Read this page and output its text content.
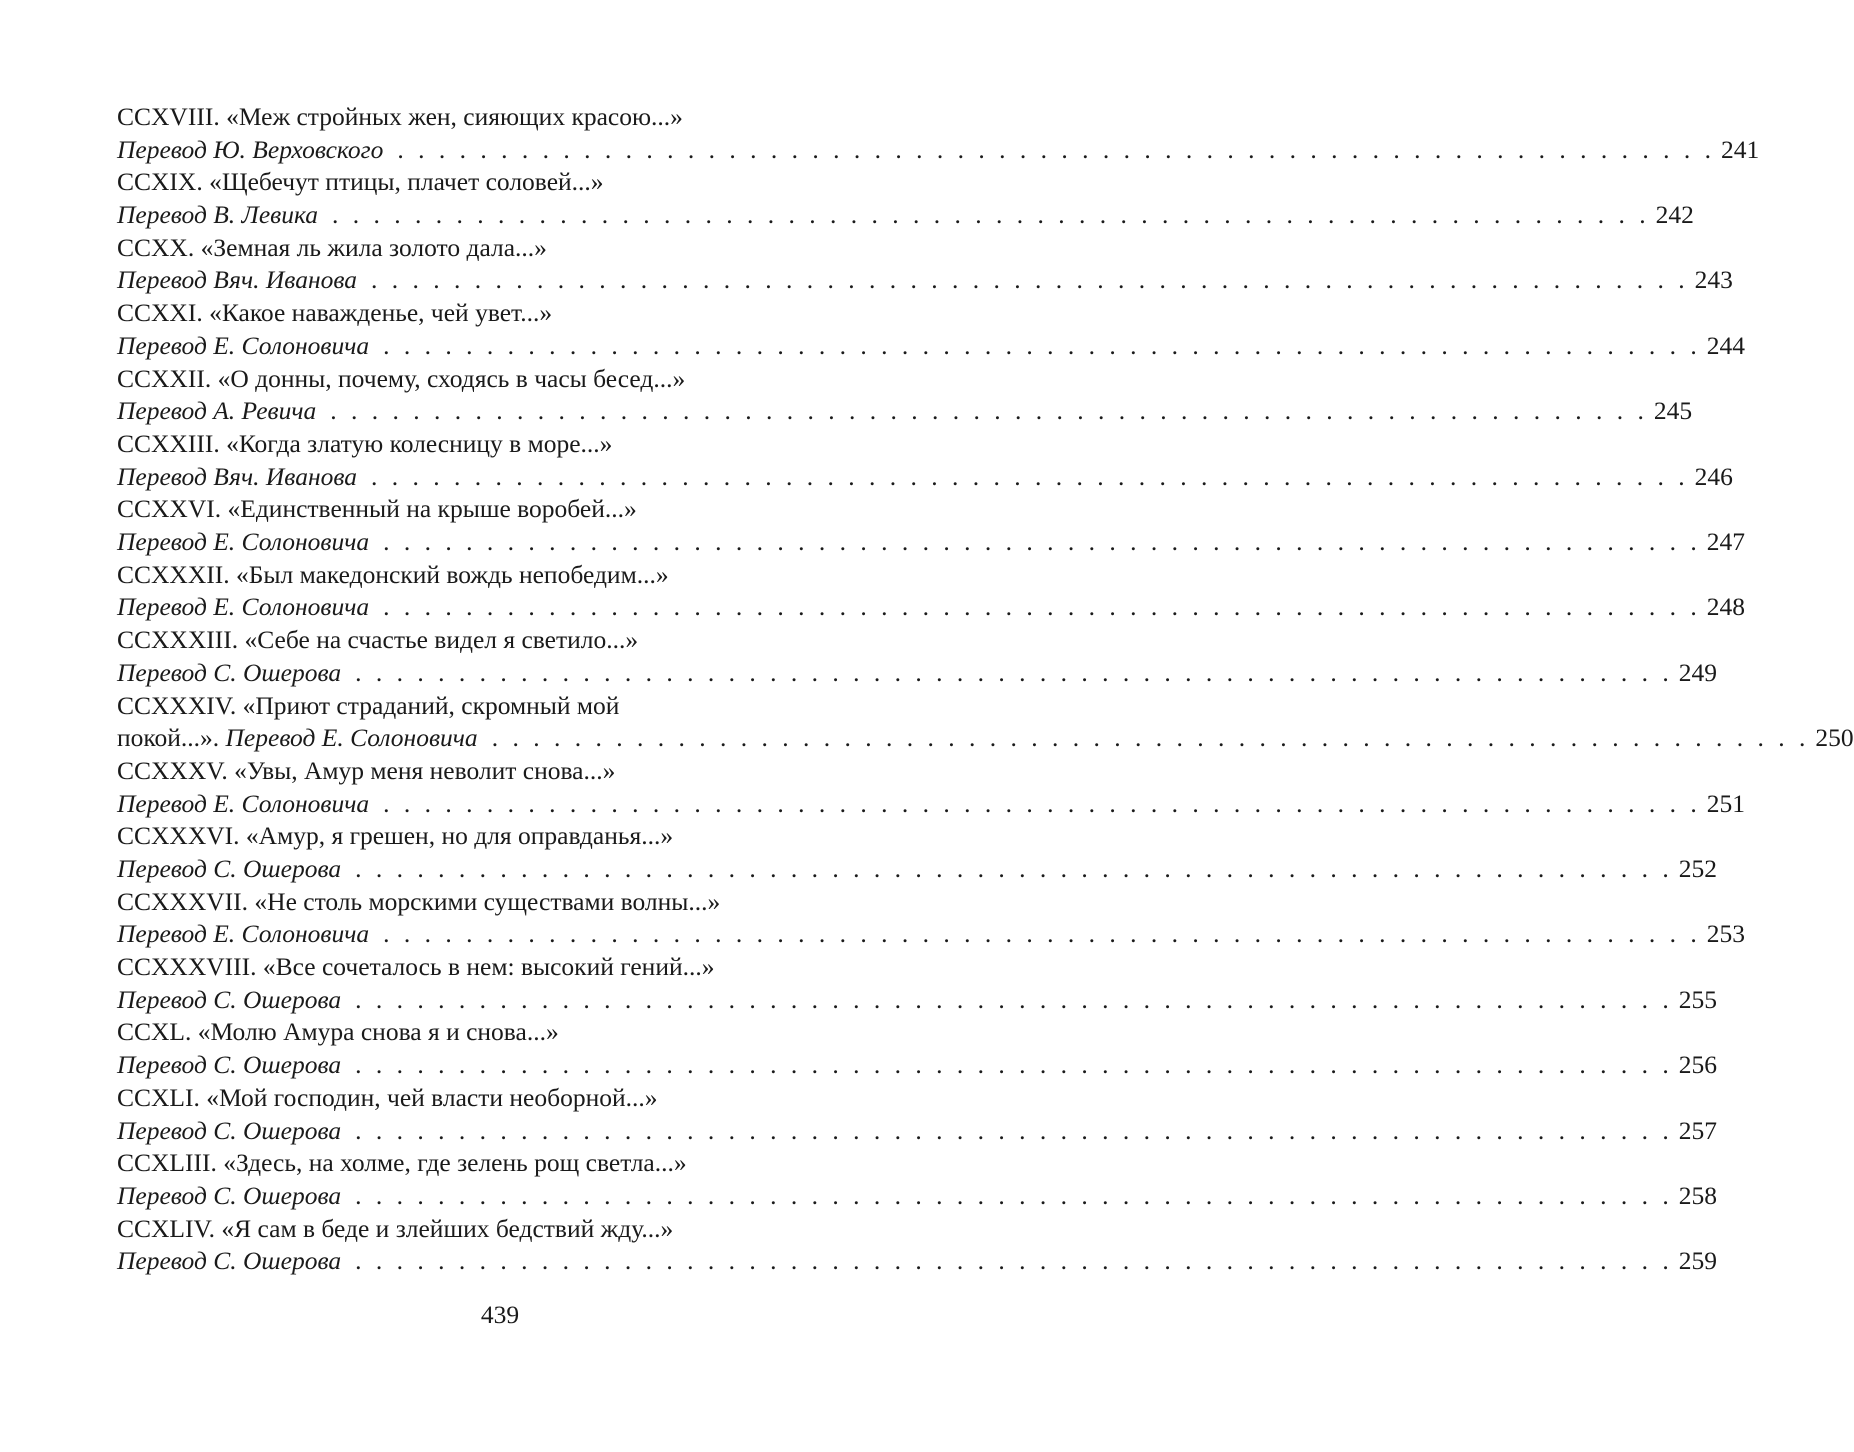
CCXVIII. «Меж стройных жен, сияющих красою...»
Перевод Ю. Верховского . . . . . . . . . . . . . . . . . . . . . . . . . . . . . . . . . . . . . . . . . . . . . . . . . . . . . . . . . . . . . . . . 241
CCXIX. «Щебечут птицы, плачет соловей...»
Перевод В. Левика . . . . . . . . . . . . . . . . . . . . . . . . . . . . . . . . . . . . . . . . . . . . . . . . . . . . . . . . . . . . . . . . 242
CCXX. «Земная ль жила золото дала...»
Перевод Вяч. Иванова . . . . . . . . . . . . . . . . . . . . . . . . . . . . . . . . . . . . . . . . . . . . . . . . . . . . . . . . . . . . . . . . 243
CCXXI. «Какое наважденье, чей увет...»
Перевод Е. Солоновича . . . . . . . . . . . . . . . . . . . . . . . . . . . . . . . . . . . . . . . . . . . . . . . . . . . . . . . . . . . . . . . . 244
CCXXII. «О донны, почему, сходясь в часы бесед...»
Перевод А. Ревича . . . . . . . . . . . . . . . . . . . . . . . . . . . . . . . . . . . . . . . . . . . . . . . . . . . . . . . . . . . . . . . . 245
CCXXIII. «Когда златую колесницу в море...»
Перевод Вяч. Иванова . . . . . . . . . . . . . . . . . . . . . . . . . . . . . . . . . . . . . . . . . . . . . . . . . . . . . . . . . . . . . . . . 246
CCXXVI. «Единственный на крыше воробей...»
Перевод Е. Солоновича . . . . . . . . . . . . . . . . . . . . . . . . . . . . . . . . . . . . . . . . . . . . . . . . . . . . . . . . . . . . . . . . 247
CCXXXII. «Был македонский вождь непобедим...»
Перевод Е. Солоновича . . . . . . . . . . . . . . . . . . . . . . . . . . . . . . . . . . . . . . . . . . . . . . . . . . . . . . . . . . . . . . . . 248
CCXXXIII. «Себе на счастье видел я светило...»
Перевод С. Ошерова . . . . . . . . . . . . . . . . . . . . . . . . . . . . . . . . . . . . . . . . . . . . . . . . . . . . . . . . . . . . . . . . 249
CCXXXIV. «Приют страданий, скромный мой
покой...».
Перевод Е. Солоновича . . . . . . . . . . . . . . . . . . . . . . . . . . . . . . . . . . . . . . . . . . . . . . . . . . . . . . . . . . . . . . . . 250
CCXXXV. «Увы, Амур меня неволит снова...»
Перевод Е. Солоновича . . . . . . . . . . . . . . . . . . . . . . . . . . . . . . . . . . . . . . . . . . . . . . . . . . . . . . . . . . . . . . . . 251
CCXXXVI. «Амур, я грешен, но для оправданья...»
Перевод С. Ошерова . . . . . . . . . . . . . . . . . . . . . . . . . . . . . . . . . . . . . . . . . . . . . . . . . . . . . . . . . . . . . . . . 252
CCXXXVII. «Не столь морскими существами волны...»
Перевод Е. Солоновича . . . . . . . . . . . . . . . . . . . . . . . . . . . . . . . . . . . . . . . . . . . . . . . . . . . . . . . . . . . . . . . . 253
CCXXXVIII. «Все сочеталось в нем: высокий гений...»
Перевод С. Ошерова . . . . . . . . . . . . . . . . . . . . . . . . . . . . . . . . . . . . . . . . . . . . . . . . . . . . . . . . . . . . . . . . 255
CCXL. «Молю Амура снова я и снова...»
Перевод С. Ошерова . . . . . . . . . . . . . . . . . . . . . . . . . . . . . . . . . . . . . . . . . . . . . . . . . . . . . . . . . . . . . . . . 256
CCXLI. «Мой господин, чей власти необорной...»
Перевод С. Ошерова . . . . . . . . . . . . . . . . . . . . . . . . . . . . . . . . . . . . . . . . . . . . . . . . . . . . . . . . . . . . . . . . 257
CCXLIII. «Здесь, на холме, где зелень рощ светла...»
Перевод С. Ошерова . . . . . . . . . . . . . . . . . . . . . . . . . . . . . . . . . . . . . . . . . . . . . . . . . . . . . . . . . . . . . . . . 258
CCXLIV. «Я сам в беде и злейших бедствий жду...»
Перевод С. Ошерова . . . . . . . . . . . . . . . . . . . . . . . . . . . . . . . . . . . . . . . . . . . . . . . . . . . . . . . . . . . . . . . . 259
439
